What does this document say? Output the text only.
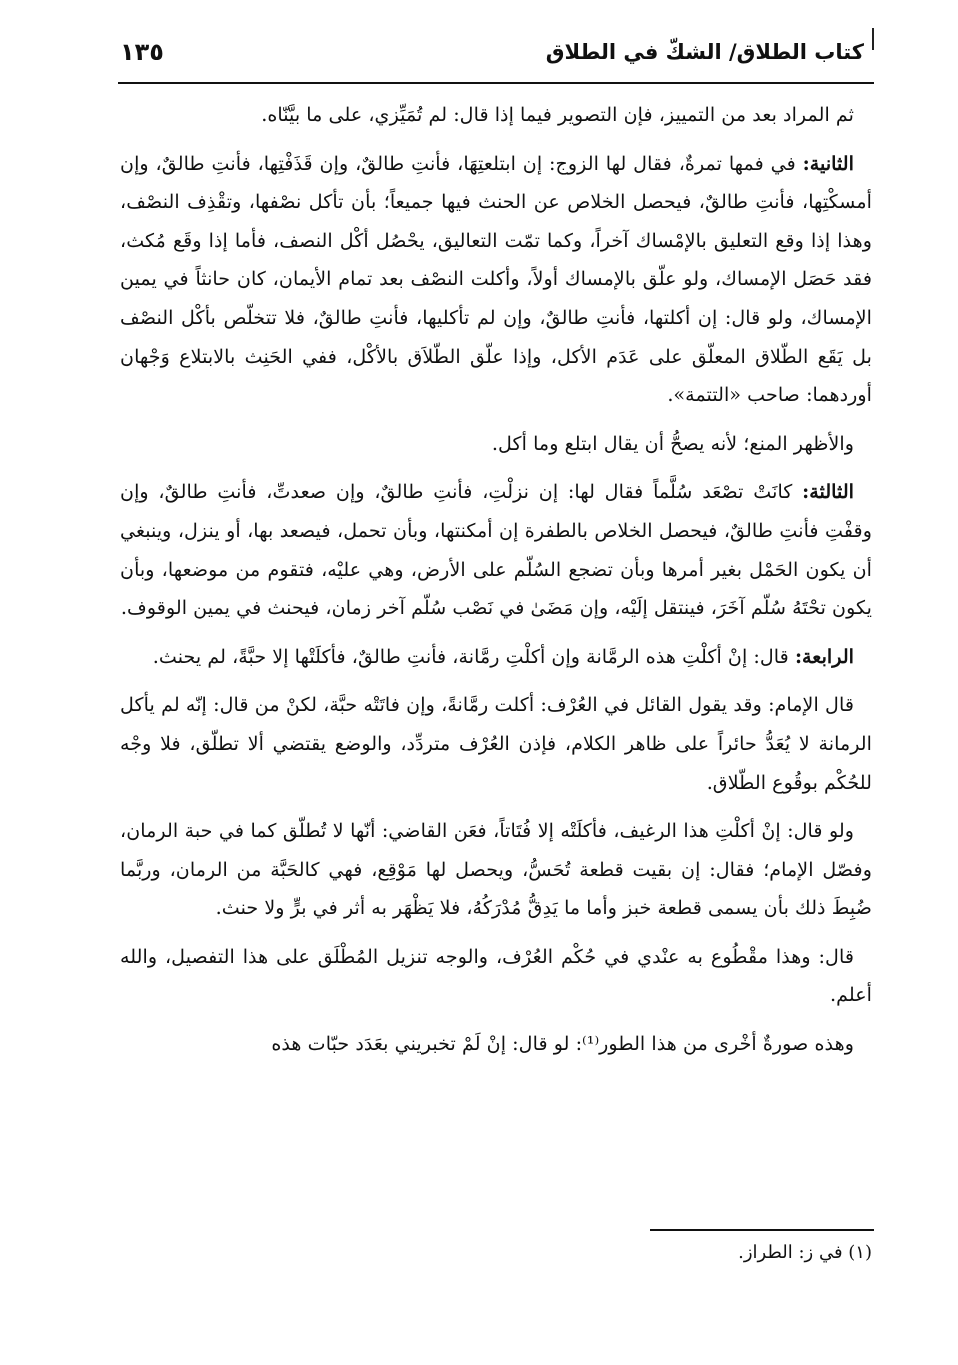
كتاب الطلاق/ الشكّ في الطلاق
١٣٥

ثم المراد بعد من التمييز، فإن التصوير فيما إذا قال: لم تُمَيِّزي، على ما بيَّنّاه.

الثانية: في فمها تمرةٌ، فقال لها الزوج: إن ابتلعتِهَا، فأنتِ طالقٌ، وإن قَذَفْتِها، فأنتِ طالقٌ، وإن أمسكْتِها، فأنتِ طالقٌ، فيحصل الخلاص عن الحنث فيها جميعاً؛ بأن تأكل نصْفها، وتقْذِف النصْف، وهذا إذا وقع التعليق بالإمْساك آخراً، وكما تمّت التعاليق، يحْصُل أكْل النصف، فأما إذا وقَع مُكث، فقد حَصَل الإمساك، ولو علّق بالإمساك أولاً، وأكلت النصْف بعد تمام الأيمان، كان حانثاً في يمين الإمساك، ولو قال: إن أكلتها، فأنتِ طالقٌ، وإن لم تأكليها، فأنتِ طالقٌ، فلا تتخلّص بأكْل النصْف بل يَقَع الطّلاق المعلّق على عَدَم الأكل، وإذا علّق الطّلاَق بالأكْل، ففي الحَنِث بالابتلاع وَجْهان أوردهما: صاحب «التتمة».

والأظهر المنع؛ لأنه يصحُّ أن يقال ابتلع وما أكل.

الثالثة: كانَتْ تصْعَد سُلَّماً فقال لها: إن نزلْتِ، فأنتِ طالقٌ، وإن صعدتِّ، فأنتِ طالقٌ، وإن وقفْتِ فأنتِ طالقٌ، فيحصل الخلاص بالطفرة إن أمكنتها، وبأن تحمل، فيصعد بها، أو ينزل، وينبغي أن يكون الحَمْل بغير أمرها وبأن تضجع السُلّم على الأرض، وهي عليْه، فتقوم من موضعها، وبأن يكون تحْتَهُ سُلّم آخَرَ، فينتقل إلَيْه، وإن مَضَىٰ في نَصْب سُلّم آخر زمان، فيحنث في يمين الوقوف.

الرابعة: قال: إنْ أكلْتِ هذه الرمَّانة وإن أكلْتِ رمَّانة، فأنتِ طالقٌ، فأكلَتْها إلا حبَّةً، لم يحنث.

قال الإمام: وقد يقول القائل في العُرْف: أكلت رمَّانةً، وإن فاتَتْه حبَّة، لكنْ من قال: إنّه لم يأكل الرمانة لا يُعَدُّ حائراً على ظاهر الكلام، فإذن العُرْف متردِّد، والوضع يقتضي ألا تطلّق، فلا وجْه للحُكْم بوقُوع الطّلاق.

ولو قال: إنْ أكلْتِ هذا الرغيف، فأكلَتْه إلا فُتَاتاً، فعَن القاضي: أنّها لا تُطلّق كما في حبة الرمان، وفصّل الإمام؛ فقال: إن بقيت قطعة تُحَسُّ، ويحصل لها مَوْقِع، فهي كالحَبَّة من الرمان، وربَّما ضُبِطَ ذلك بأن يسمى قطعة خبز وأما ما يَدِقُّ مُدْرَكُهُ، فلا يَظْهَر به أثر في برٍّ ولا حنث.

قال: وهذا مقْطُوع به عنْدي في حُكْم العُرْف، والوجه تنزيل المُطْلَق على هذا التفصيل، والله أعلم.

وهذه صورةٌ أخْرى من هذا الطور⁽¹⁾: لو قال: إنْ لَمْ تخبريني بعَدَد حبّات هذه

(١) في ز: الطراز.
